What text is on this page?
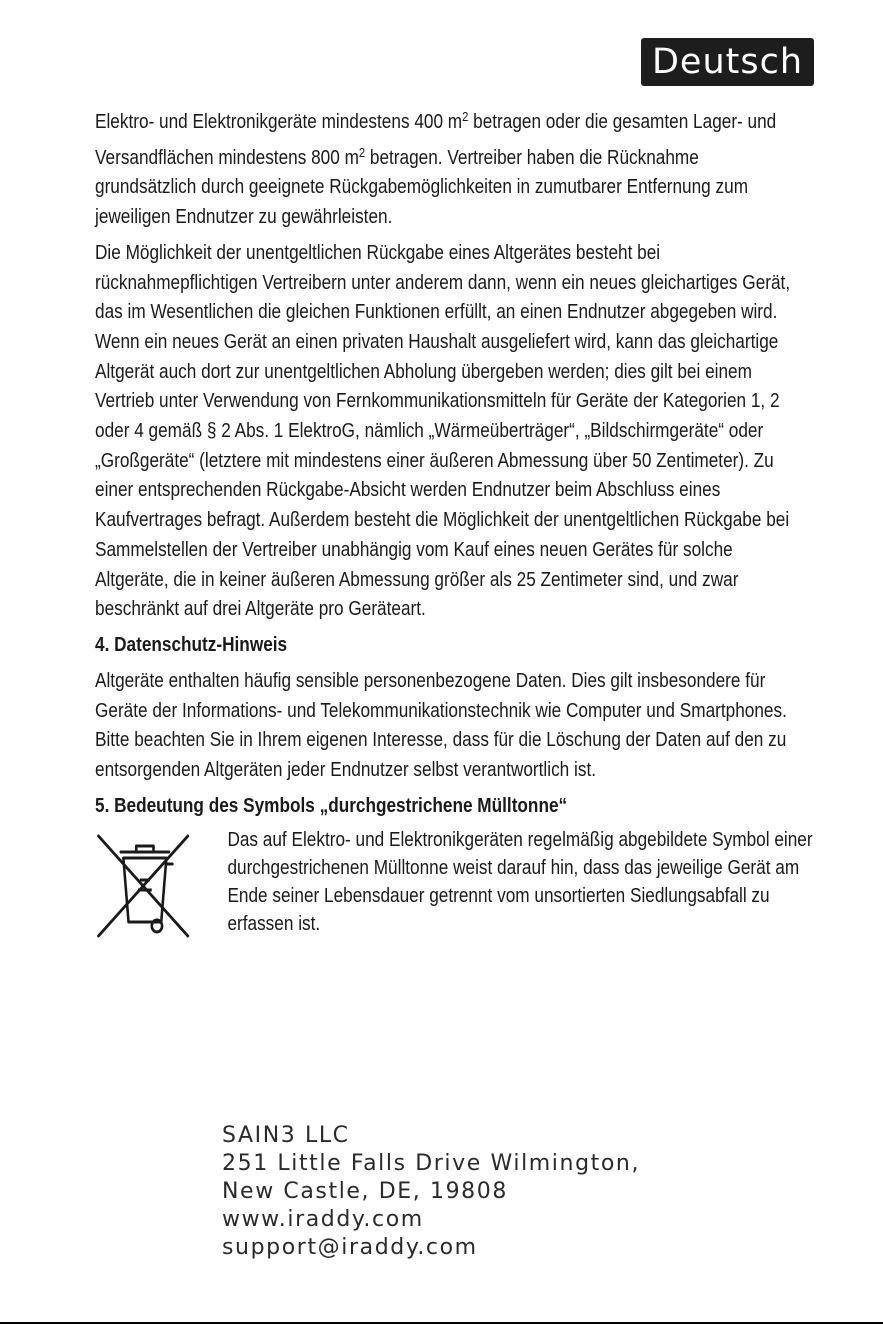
Deutsch

Elektro- und Elektronikgeräte mindestens 400 $m^2$ betragen oder die gesamten Lager- und Versandflächen mindestens 800 $m^2$ betragen. Vertreiber haben die Rücknahme grundsätzlich durch geeignete Rückgabemöglichkeiten in zumutbarer Entfernung zum jeweiligen Endnutzer zu gewährleisten.

Die Möglichkeit der unentgeltlichen Rückgabe eines Altgerätes besteht bei rücknahmepflichtigen Vertreibern unter anderem dann, wenn ein neues gleichartiges Gerät, das im Wesentlichen die gleichen Funktionen erfüllt, an einen Endnutzer abgegeben wird. Wenn ein neues Gerät an einen privaten Haushalt ausgeliefert wird, kann das gleichartige Altgerät auch dort zur unentgeltlichen Abholung übergeben werden; dies gilt bei einem Vertrieb unter Verwendung von Fernkommunikationsmitteln für Geräte der Kategorien 1, 2 oder 4 gemäß § 2 Abs. 1 ElektroG, nämlich „Wärmeüberträger“, „Bildschirmgeräte“ oder „Großgeräte“ (letztere mit mindestens einer äußeren Abmessung über 50 Zentimeter). Zu einer entsprechenden Rückgabe-Absicht werden Endnutzer beim Abschluss eines Kaufvertrages befragt. Außerdem besteht die Möglichkeit der unentgeltlichen Rückgabe bei Sammelstellen der Vertreiber unabhängig vom Kauf eines neuen Gerätes für solche Altgeräte, die in keiner äußeren Abmessung größer als 25 Zentimeter sind, und zwar beschränkt auf drei Altgeräte pro Geräteart.

4. Datenschutz-Hinweis

Altgeräte enthalten häufig sensible personenbezogene Daten. Dies gilt insbesondere für Geräte der Informations- und Telekommunikationstechnik wie Computer und Smartphones. Bitte beachten Sie in Ihrem eigenen Interesse, dass für die Löschung der Daten auf den zu entsorgenden Altgeräten jeder Endnutzer selbst verantwortlich ist.

5. Bedeutung des Symbols „durchgestrichene Mülltonne“
Das auf Elektro- und Elektronikgeräten regelmäßig abgebildete Symbol einer durchgestrichenen Mülltonne weist darauf hin, dass das jeweilige Gerät am Ende seiner Lebensdauer getrennt vom unsortierten Siedlungsabfall zu erfassen ist.
SAIN3 LLC
251 Little Falls Drive Wilmington,
New Castle, DE, 19808
www.iraddy.com
support@iraddy.com
